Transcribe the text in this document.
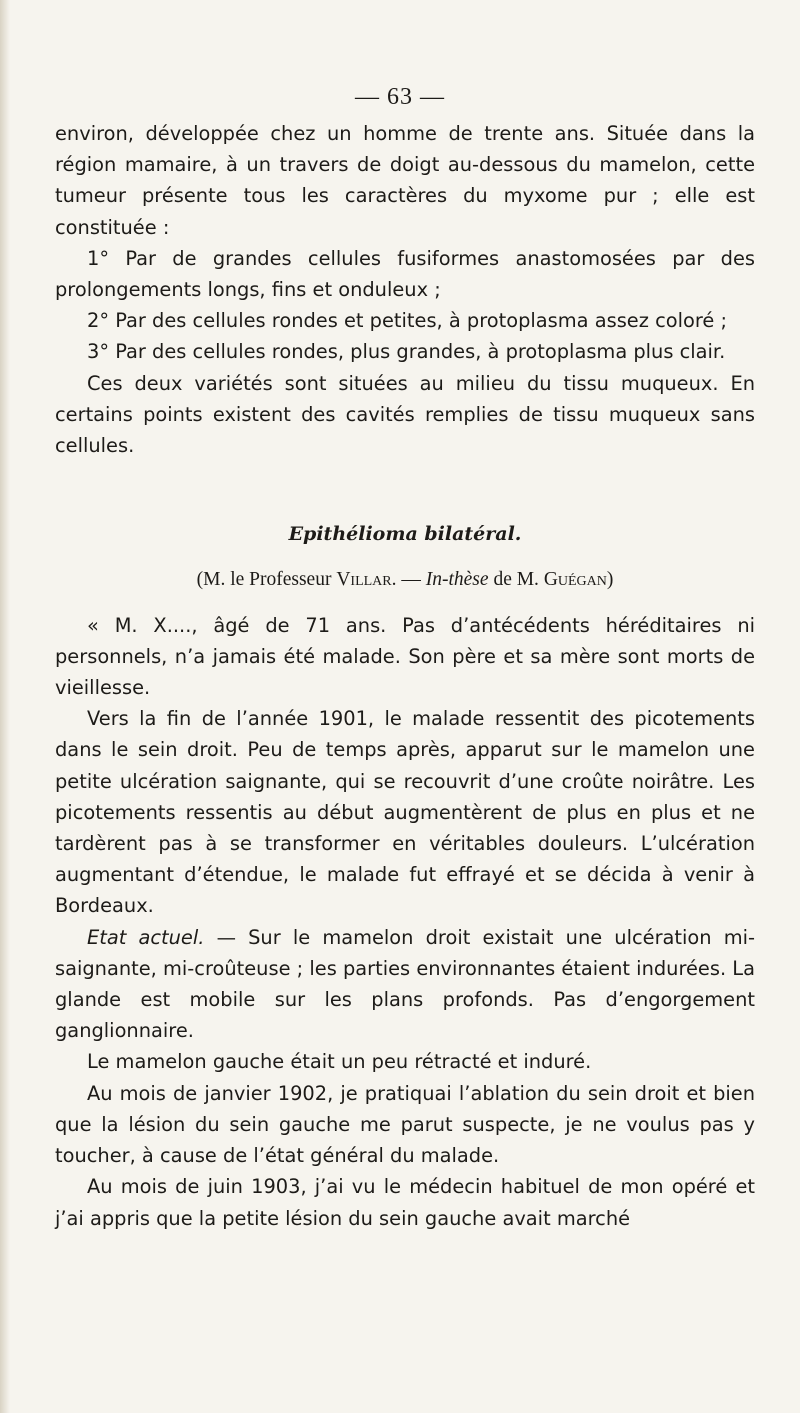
— 63 —

environ, développée chez un homme de trente ans. Située dans la région mamaire, à un travers de doigt au-dessous du mamelon, cette tumeur présente tous les caractères du myxome pur ; elle est constituée :

1° Par de grandes cellules fusiformes anastomosées par des prolongements longs, fins et onduleux ;

2° Par des cellules rondes et petites, à protoplasma assez coloré ;

3° Par des cellules rondes, plus grandes, à protoplasma plus clair.

Ces deux variétés sont situées au milieu du tissu muqueux. En certains points existent des cavités remplies de tissu muqueux sans cellules.

Epithélioma bilatéral.

(M. le Professeur Villar. — In-thèse de M. Guégan)

« M. X...., âgé de 71 ans. Pas d’antécédents héréditaires ni personnels, n’a jamais été malade. Son père et sa mère sont morts de vieillesse.

Vers la fin de l’année 1901, le malade ressentit des picotements dans le sein droit. Peu de temps après, apparut sur le mamelon une petite ulcération saignante, qui se recouvrit d’une croûte noirâtre. Les picotements ressentis au début augmentèrent de plus en plus et ne tardèrent pas à se transformer en véritables douleurs. L’ulcération augmentant d’étendue, le malade fut effrayé et se décida à venir à Bordeaux.

Etat actuel. — Sur le mamelon droit existait une ulcération mi-saignante, mi-croûteuse ; les parties environnantes étaient indurées. La glande est mobile sur les plans profonds. Pas d’engorgement ganglionnaire.

Le mamelon gauche était un peu rétracté et induré.

Au mois de janvier 1902, je pratiquai l’ablation du sein droit et bien que la lésion du sein gauche me parut suspecte, je ne voulus pas y toucher, à cause de l’état général du malade.

Au mois de juin 1903, j’ai vu le médecin habituel de mon opéré et j’ai appris que la petite lésion du sein gauche avait marché
